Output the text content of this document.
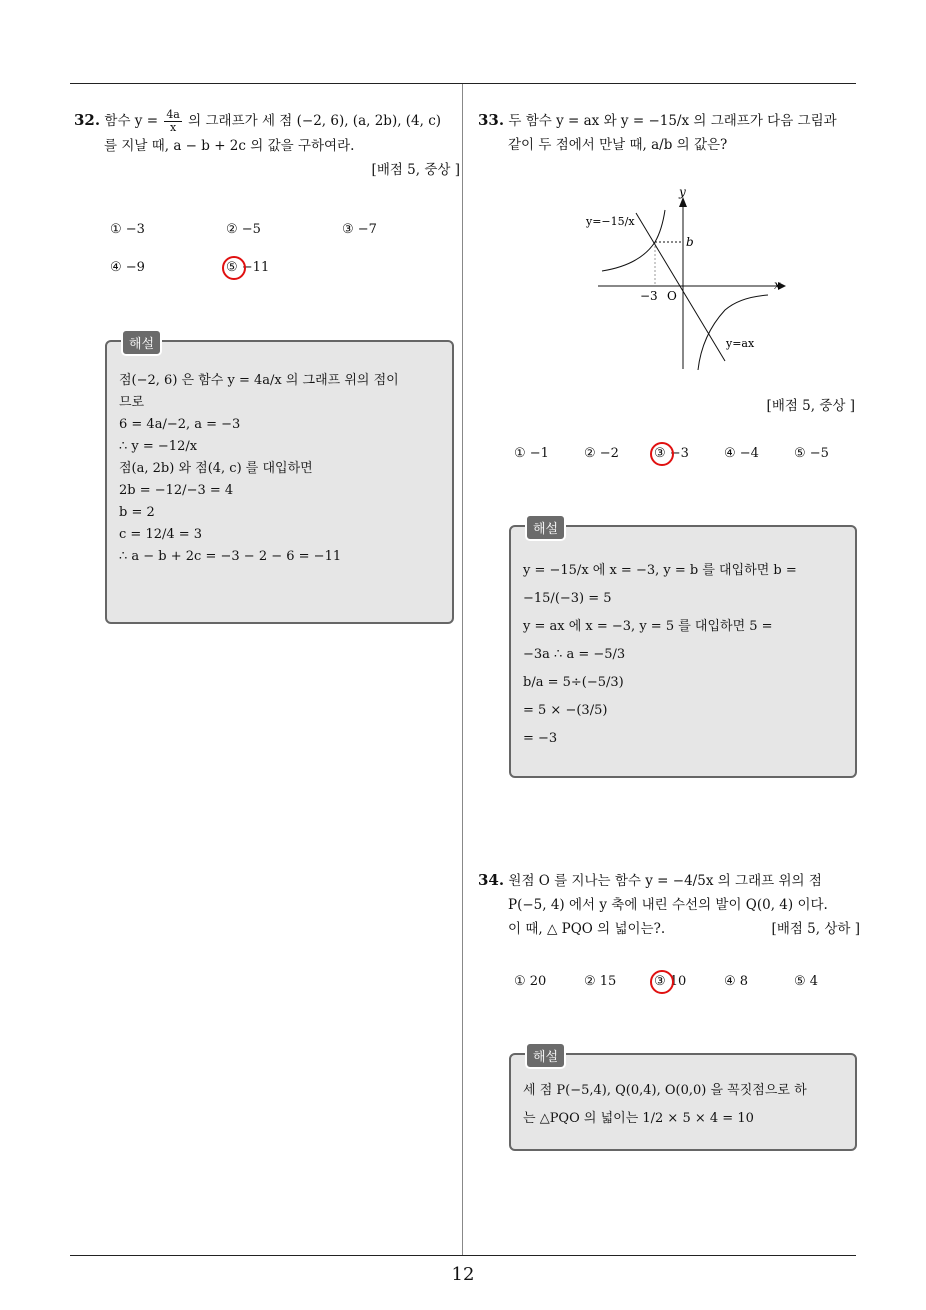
32. 함수 $y = \frac{4a}{x}$ 의 그래프가 세 점 (−2, 6), (a, 2b), (4, c)
를 지날 때, a − b + 2c 의 값을 구하여라.
[배점 5, 중상 ]
① −3	② −5	③ −7
④ −9	⑤ −11
해설
점(−2, 6) 은 함수 y = 4a/x 의 그래프 위의 점이
므로
6 = 4a/−2, a = −3
∴ y = −12/x
점(a, 2b) 와 점(4, c) 를 대입하면
2b = −12/−3 = 4
b = 2
c = 12/4 = 3
∴ a − b + 2c = −3 − 2 − 6 = −11
33. 두 함수 y = ax 와 y = −15/x 의 그래프가 다음 그림과
같이 두 점에서 만날 때, a/b 의 값은?
y=−15/x
b
x
y
−3 O
y=ax
[배점 5, 중상 ]
① −1	② −2	③ −3	④ −4	⑤ −5
해설
y = −15/x 에 x = −3, y = b 를 대입하면 b =
−15/(−3) = 5
y = ax 에 x = −3, y = 5 를 대입하면 5 =
−3a ∴ a = −5/3
b/a = 5÷(−5/3)
= 5 × −(3/5)
= −3
34. 원점 O 를 지나는 함수 y = −4/5x 의 그래프 위의 점
P(−5, 4) 에서 y 축에 내린 수선의 발이 Q(0, 4) 이다.
이 때, △ PQO 의 넓이는?.	[배점 5, 상하 ]
① 20	② 15	③ 10	④ 8	⑤ 4
해설
세 점 P(−5,4), Q(0,4), O(0,0) 을 꼭짓점으로 하
는 △PQO 의 넓이는 1/2 × 5 × 4 = 10
12
